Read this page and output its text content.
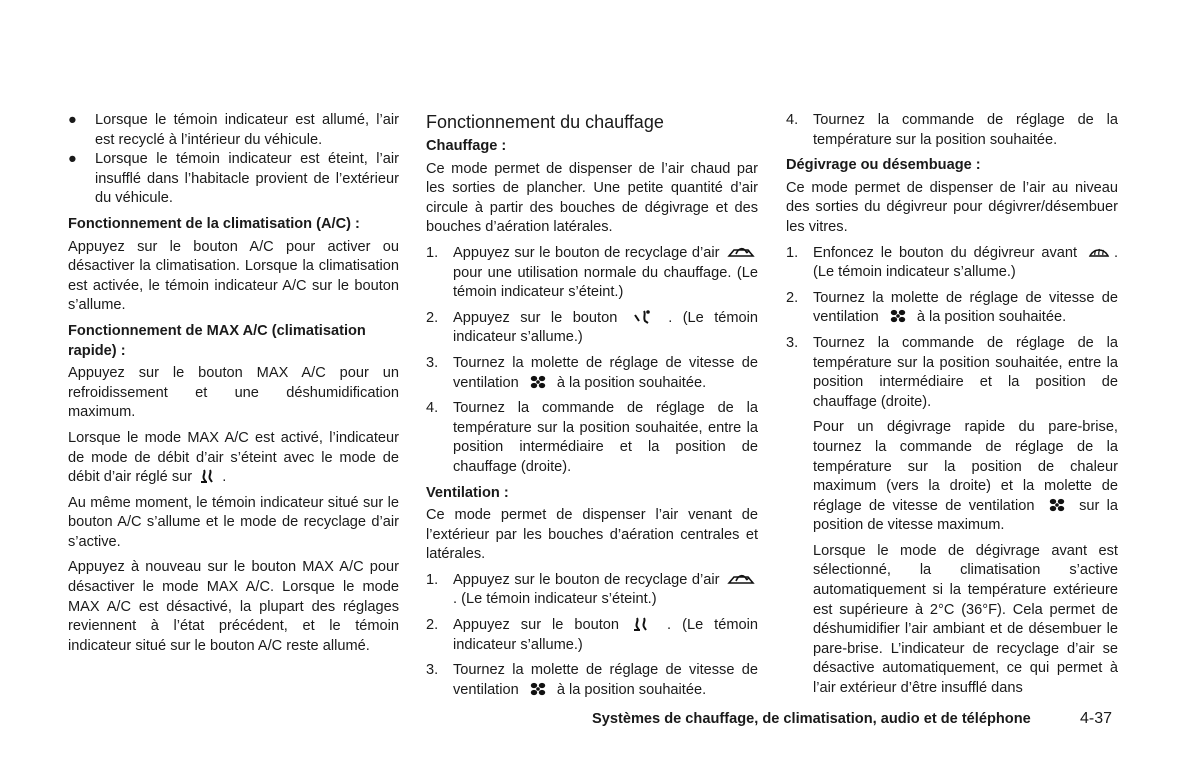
● Lorsque le témoin indicateur est allumé, l’air est recyclé à l’intérieur du véhicule.
● Lorsque le témoin indicateur est éteint, l’air insufflé dans l’habitacle provient de l’extérieur du véhicule.
Fonctionnement de la climatisation (A/C) :

Appuyez sur le bouton A/C pour activer ou désactiver la climatisation. Lorsque la climatisation est activée, le témoin indicateur A/C sur le bouton s’allume.

Fonctionnement de MAX A/C (climatisation rapide) :

Appuyez sur le bouton MAX A/C pour un refroidissement et une déshumidification maximum.

Lorsque le mode MAX A/C est activé, l’indicateur de mode de débit d’air s’éteint avec le mode de débit d’air réglé sur .

Au même moment, le témoin indicateur situé sur le bouton A/C s’allume et le mode de recyclage d’air s’active.

Appuyez à nouveau sur le bouton MAX A/C pour désactiver le mode MAX A/C. Lorsque le mode MAX A/C est désactivé, la plupart des réglages reviennent à l’état précédent, et le témoin indicateur situé sur le bouton A/C reste allumé.

Fonctionnement du chauffage
Chauffage :

Ce mode permet de dispenser de l’air chaud par les sorties de plancher. Une petite quantité d’air circule à partir des bouches de dégivrage et des bouches d’aération latérales.

1. Appuyez sur le bouton de recyclage d’air  pour une utilisation normale du chauffage. (Le témoin indicateur s’éteint.)
2. Appuyez sur le bouton	. (Le témoin indicateur s’allume.)
3. Tournez la molette de réglage de vitesse de ventilation	à la position souhaitée.
4. Tournez la commande de réglage de la température sur la position souhaitée, entre la position intermédiaire et la position de chauffage (droite).
Ventilation :

Ce mode permet de dispenser l’air venant de l’extérieur par les bouches d’aération centrales et latérales.

1. Appuyez sur le bouton de recyclage d’air . (Le témoin indicateur s’éteint.)
2. Appuyez sur le bouton	. (Le témoin indicateur s’allume.)
3. Tournez la molette de réglage de vitesse de ventilation	à la position souhaitée.
4. Tournez la commande de réglage de la température sur la position souhaitée.
Dégivrage ou désembuage :

Ce mode permet de dispenser de l’air au niveau des sorties du dégivreur pour dégivrer/désembuer les vitres.

1. Enfoncez le bouton du dégivreur avant	. (Le témoin indicateur s’allume.)
2. Tournez la molette de réglage de vitesse de ventilation	à la position souhaitée.
3. Tournez la commande de réglage de la température sur la position souhaitée, entre la position intermédiaire et la position de chauffage (droite).

Pour un dégivrage rapide du pare-brise, tournez la commande de réglage de la température sur la position de chaleur maximum (vers la droite) et la molette de réglage de vitesse de ventilation	sur la position de vitesse maximum.

Lorsque le mode de dégivrage avant est sélectionné, la climatisation s’active automatiquement si la température extérieure est supérieure à 2°C (36°F). Cela permet de déshumidifier l’air ambiant et de désembuer le pare-brise. L’indicateur de recyclage d’air se désactive automatiquement, ce qui permet à l’air extérieur d’être insufflé dans

Systèmes de chauffage, de climatisation, audio et de téléphone	4-37
